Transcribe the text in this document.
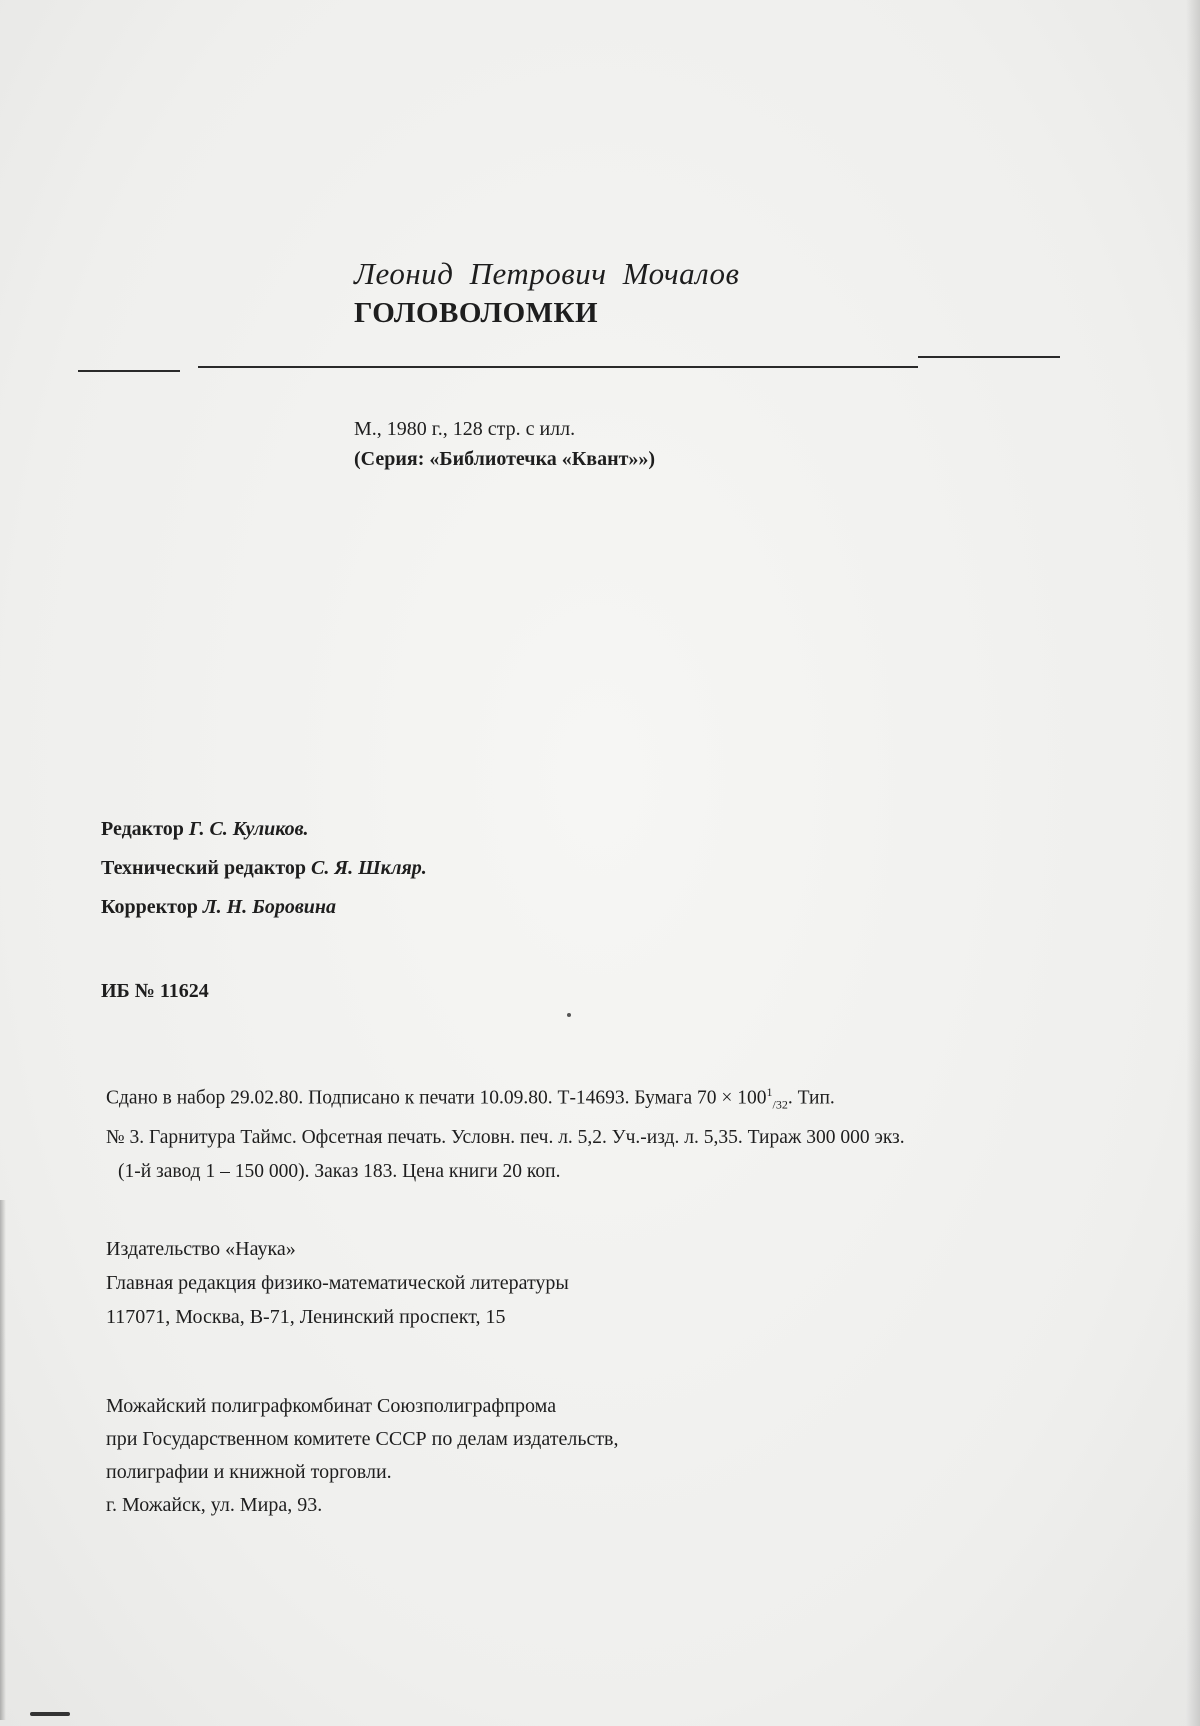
Леонид Петрович Мочалов
ГОЛОВОЛОМКИ
М., 1980 г., 128 стр. с илл.
(Серия: «Библиотечка «Квант»»)
Редактор Г. С. Куликов.
Технический редактор С. Я. Шкляр.
Корректор Л. Н. Боровина
ИБ № 11624
Сдано в набор 29.02.80. Подписано к печати 10.09.80. Т-14693. Бумага $70 \times 100^1_{/32}$. Тип.
№ 3. Гарнитура Таймс. Офсетная печать. Условн. печ. л. 5,2. Уч.-изд. л. 5,35. Тираж 300 000 экз.
(1-й завод 1 – 150 000). Заказ 183. Цена книги 20 коп.
Издательство «Наука»
Главная редакция физико-математической литературы
117071, Москва, В-71, Ленинский проспект, 15
Можайский полиграфкомбинат Союзполиграфпрома
при Государственном комитете СССР по делам издательств,
полиграфии и книжной торговли.
г. Можайск, ул. Мира, 93.
